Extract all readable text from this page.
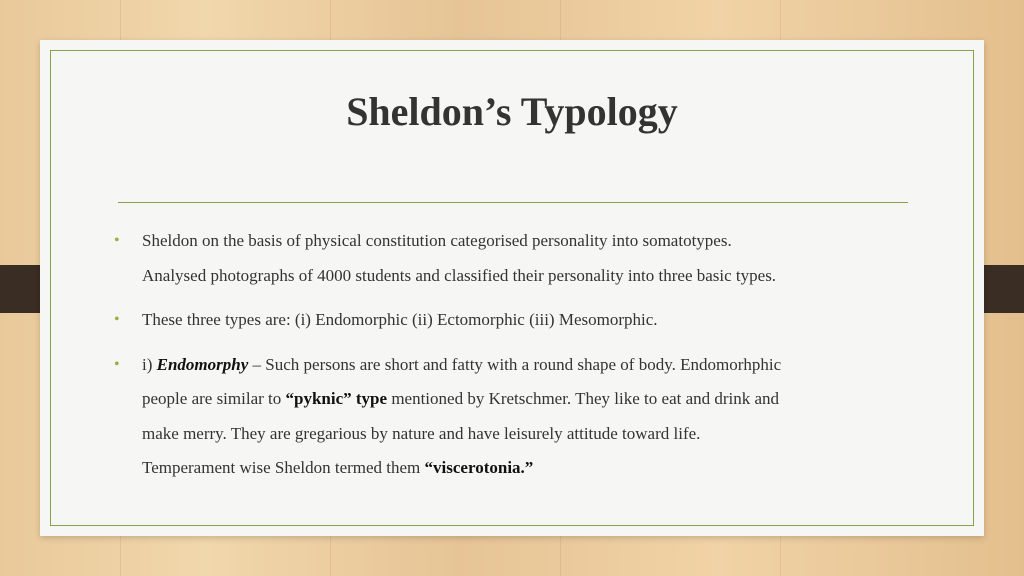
Sheldon’s Typology
• Sheldon on the basis of physical constitution categorised personality into somatotypes.
Analysed photographs of 4000 students and classified their personality into three basic types.
• These three types are: (i) Endomorphic (ii) Ectomorphic (iii) Mesomorphic.
• i) Endomorphy – Such persons are short and fatty with a round shape of body. Endomorhphic
people are similar to “pyknic” type mentioned by Kretschmer. They like to eat and drink and
make merry. They are gregarious by nature and have leisurely attitude toward life.
Temperament wise Sheldon termed them “viscerotonia.”
